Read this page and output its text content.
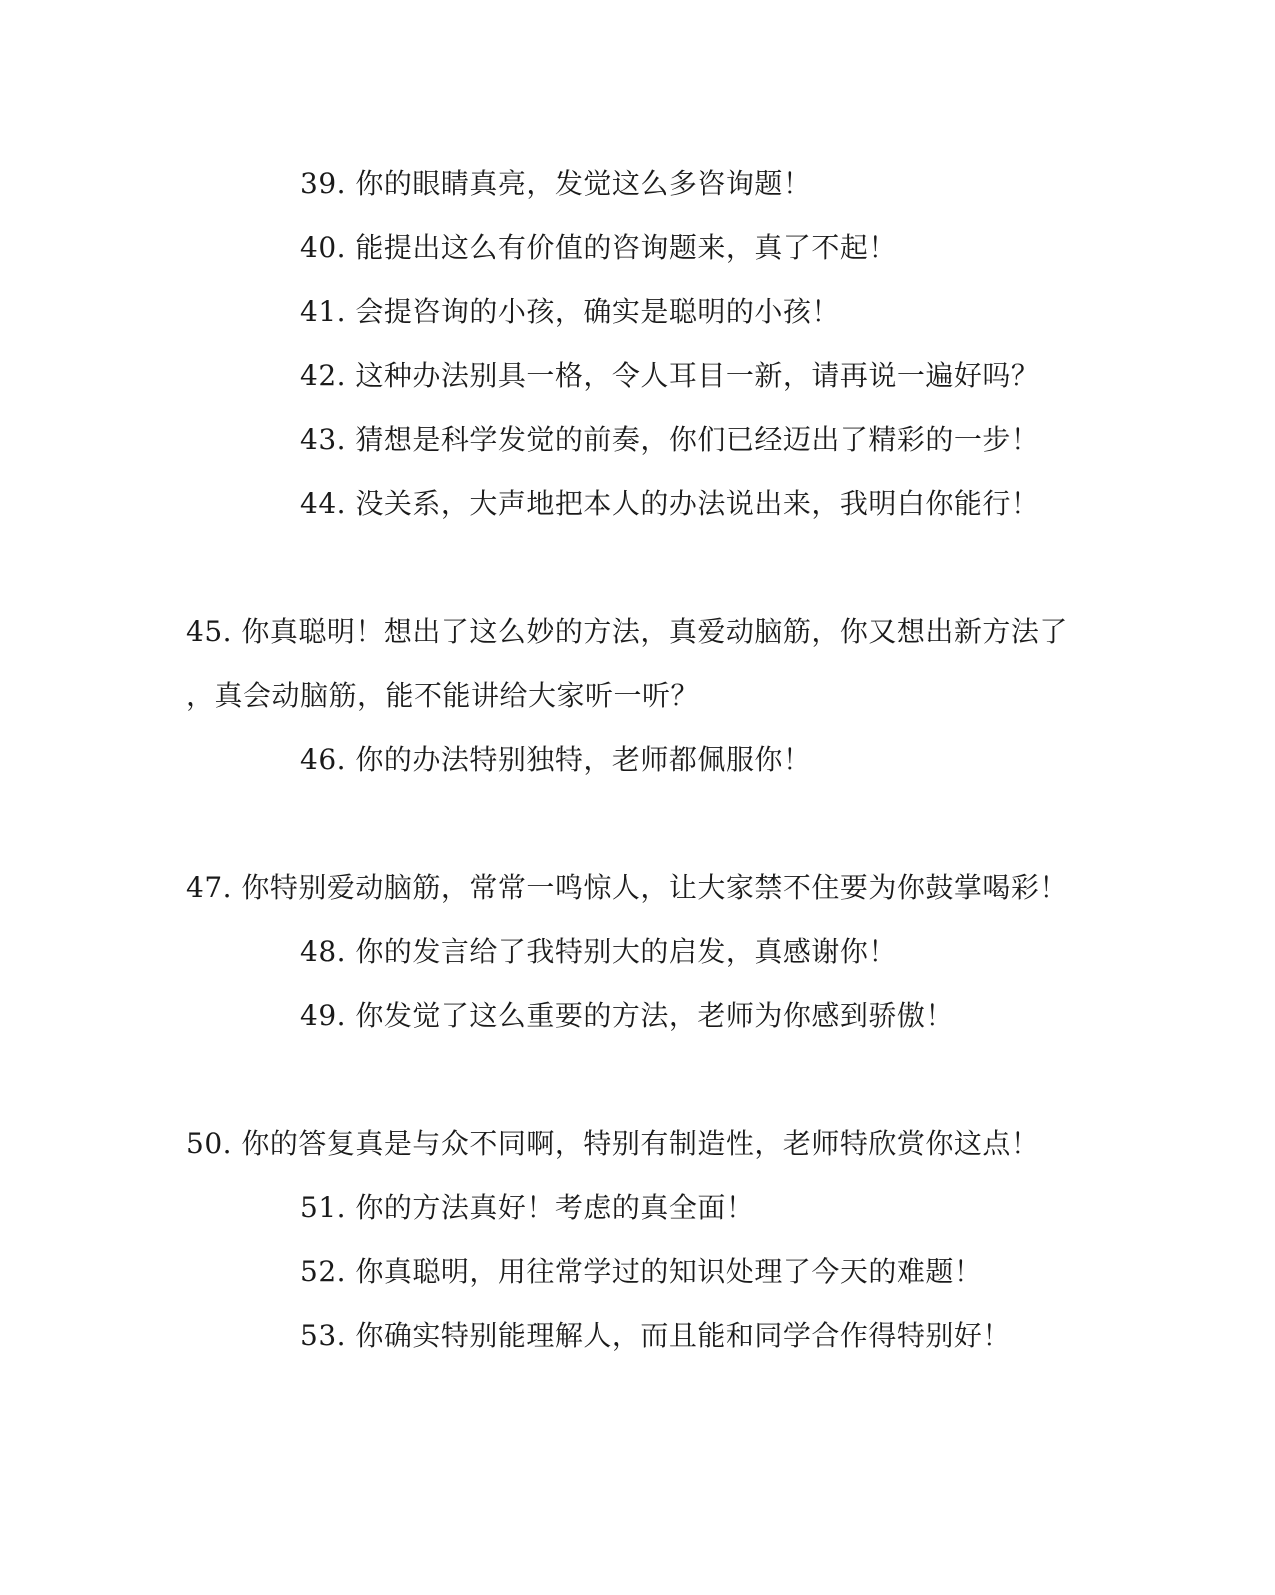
39. 你的眼睛真亮，发觉这么多咨询题！
40. 能提出这么有价值的咨询题来，真了不起！
41. 会提咨询的小孩，确实是聪明的小孩！
42. 这种办法别具一格，令人耳目一新，请再说一遍好吗？
43. 猜想是科学发觉的前奏，你们已经迈出了精彩的一步！
44. 没关系，大声地把本人的办法说出来，我明白你能行！
45. 你真聪明！想出了这么妙的方法，真爱动脑筋，你又想出新方法了
，真会动脑筋，能不能讲给大家听一听？
46. 你的办法特别独特，老师都佩服你！
47. 你特别爱动脑筋，常常一鸣惊人，让大家禁不住要为你鼓掌喝彩！
48. 你的发言给了我特别大的启发，真感谢你！
49. 你发觉了这么重要的方法，老师为你感到骄傲！
50. 你的答复真是与众不同啊，特别有制造性，老师特欣赏你这点！
51. 你的方法真好！考虑的真全面！
52. 你真聪明，用往常学过的知识处理了今天的难题！
53. 你确实特别能理解人，而且能和同学合作得特别好！
